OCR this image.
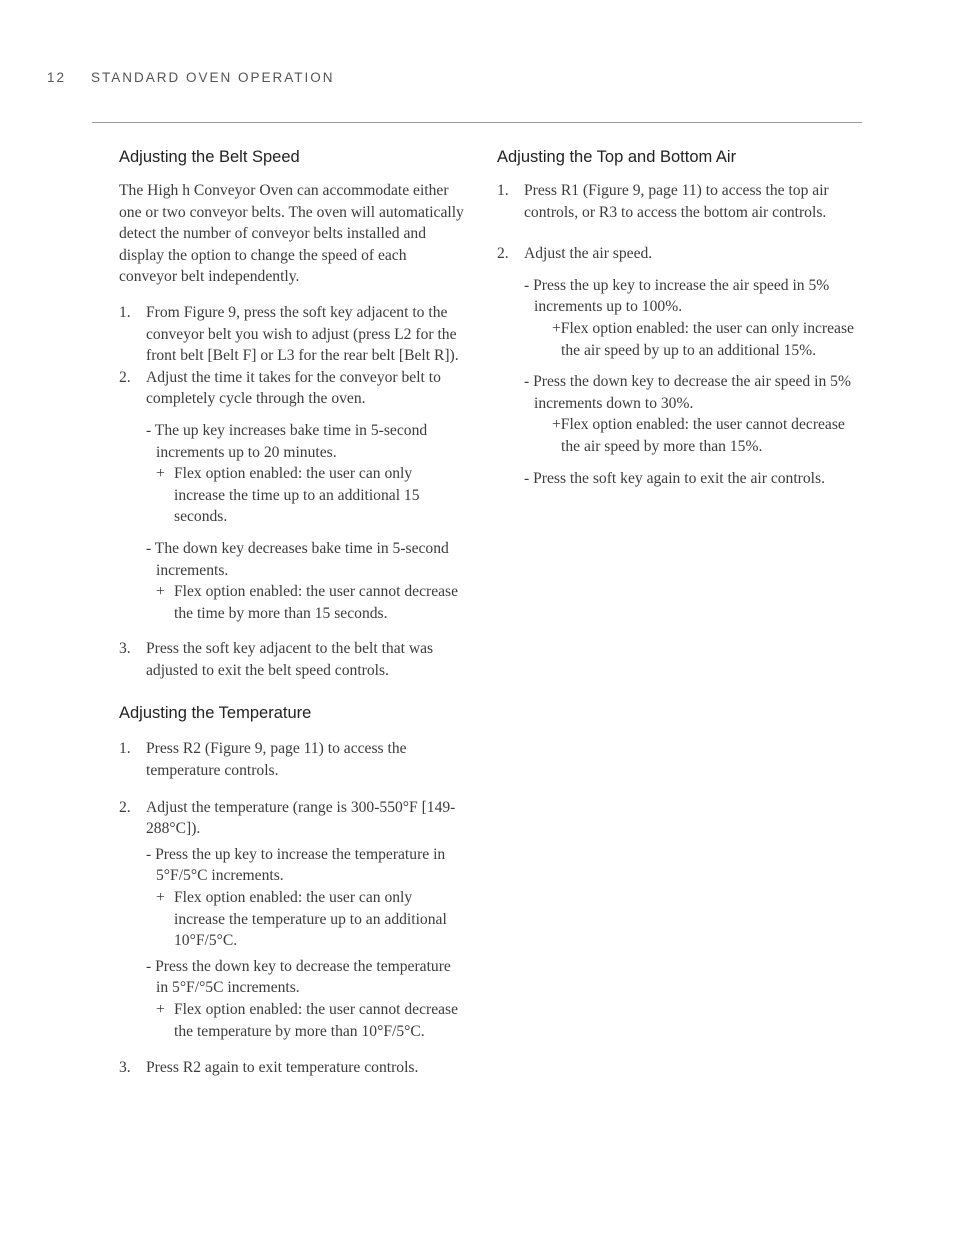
12 STANDARD OVEN OPERATION
Adjusting the Belt Speed

The High h Conveyor Oven can accommodate either one or two conveyor belts. The oven will automatically detect the number of conveyor belts installed and display the option to change the speed of each conveyor belt independently.

1. From Figure 9, press the soft key adjacent to the conveyor belt you wish to adjust (press L2 for the front belt [Belt F] or L3 for the rear belt [Belt R]).
2. Adjust the time it takes for the conveyor belt to completely cycle through the oven.

- The up key increases bake time in 5-second increments up to 20 minutes.

+ Flex option enabled: the user can only increase the time up to an additional 15 seconds.

- The down key decreases bake time in 5-second increments.

+ Flex option enabled: the user cannot decrease the time by more than 15 seconds.
3. Press the soft key adjacent to the belt that was adjusted to exit the belt speed controls.
Adjusting the Temperature
1. Press R2 (Figure 9, page 11) to access the temperature controls.
2. Adjust the temperature (range is 300-550°F [149-288°C]).

- Press the up key to increase the temperature in 5°F/5°C increments.

+ Flex option enabled: the user can only increase the temperature up to an additional 10°F/5°C.

- Press the down key to decrease the temperature in 5°F/°5C increments.

+ Flex option enabled: the user cannot decrease the temperature by more than 10°F/5°C.
3. Press R2 again to exit temperature controls.
Adjusting the Top and Bottom Air
1. Press R1 (Figure 9, page 11) to access the top air controls, or R3 to access the bottom air controls.
2. Adjust the air speed.

- Press the up key to increase the air speed in 5% increments up to 100%.

+Flex option enabled: the user can only increase the air speed by up to an additional 15%.

- Press the down key to decrease the air speed in 5% increments down to 30%.

+Flex option enabled: the user cannot decrease the air speed by more than 15%.

- Press the soft key again to exit the air controls.
